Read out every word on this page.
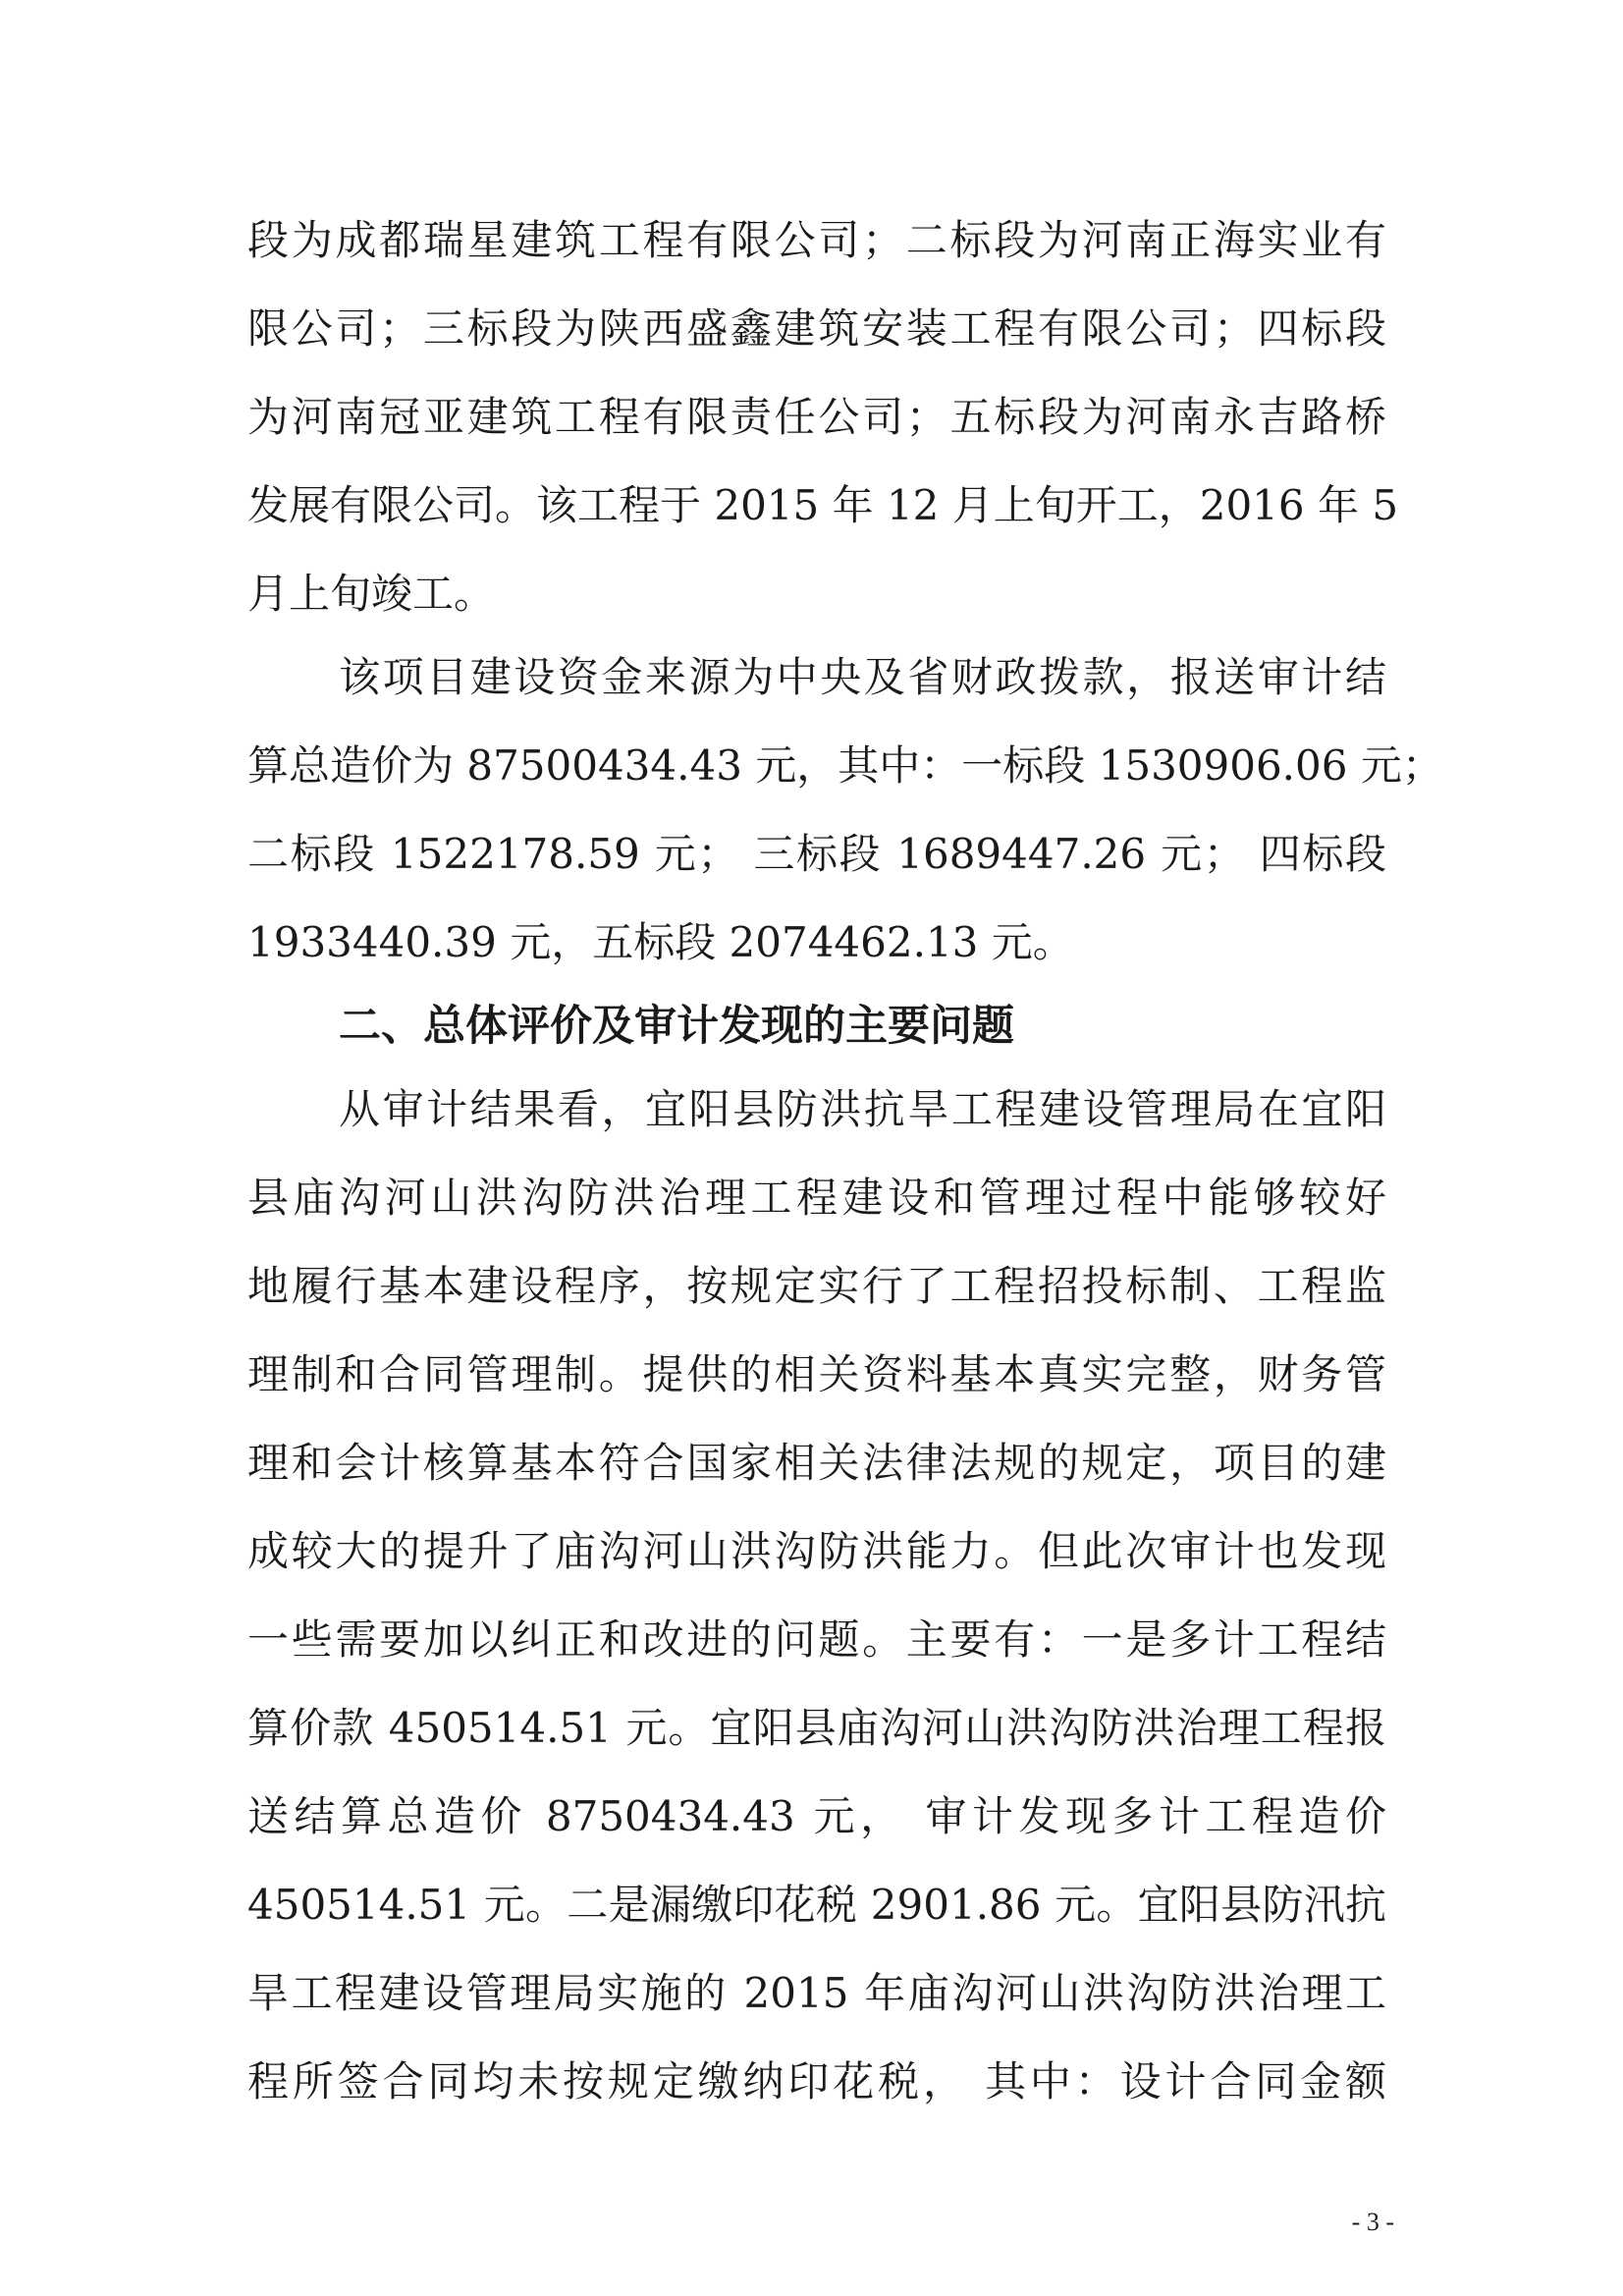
段为成都瑞星建筑工程有限公司；二标段为河南正海实业有
限公司；三标段为陕西盛鑫建筑安装工程有限公司；四标段
为河南冠亚建筑工程有限责任公司；五标段为河南永吉路桥
发展有限公司。该工程于 2015 年 12 月上旬开工，2016 年 5
月上旬竣工。
该项目建设资金来源为中央及省财政拨款，报送审计结
算总造价为 87500434.43 元，其中：一标段 1530906.06 元；
二标段 1522178.59 元； 三标段 1689447.26 元； 四标段
1933440.39 元，五标段 2074462.13 元。
二、总体评价及审计发现的主要问题
从审计结果看，宜阳县防洪抗旱工程建设管理局在宜阳
县庙沟河山洪沟防洪治理工程建设和管理过程中能够较好
地履行基本建设程序，按规定实行了工程招投标制、工程监
理制和合同管理制。提供的相关资料基本真实完整，财务管
理和会计核算基本符合国家相关法律法规的规定，项目的建
成较大的提升了庙沟河山洪沟防洪能力。但此次审计也发现
一些需要加以纠正和改进的问题。主要有：一是多计工程结
算价款 450514.51 元。宜阳县庙沟河山洪沟防洪治理工程报
送结算总造价 8750434.43 元， 审计发现多计工程造价
450514.51 元。二是漏缴印花税 2901.86 元。宜阳县防汛抗
旱工程建设管理局实施的 2015 年庙沟河山洪沟防洪治理工
程所签合同均未按规定缴纳印花税， 其中：设计合同金额
- 3 -
